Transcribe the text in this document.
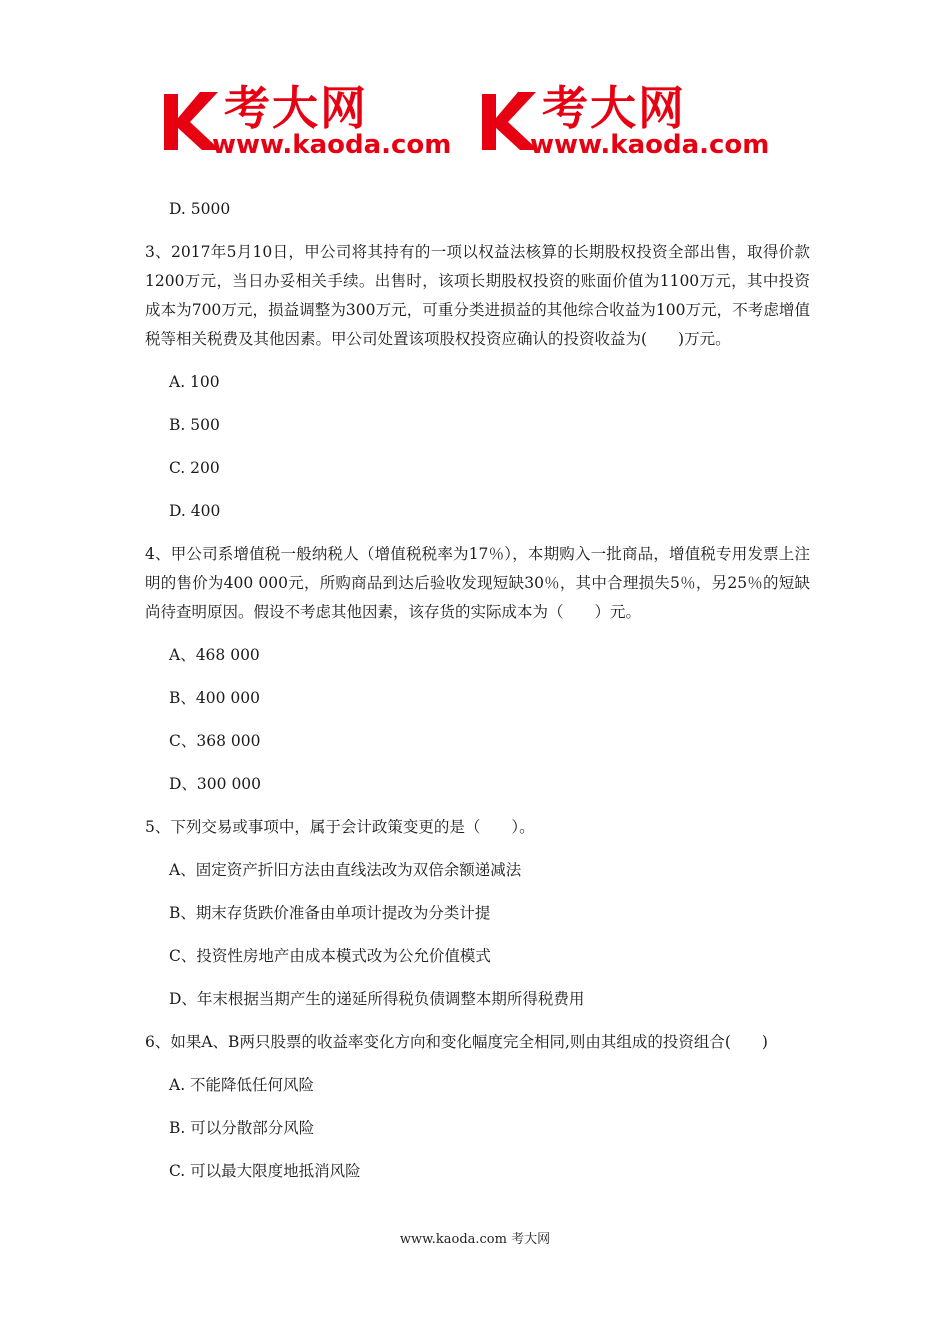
考大网
www.kaoda.com
考大网
www.kaoda.com

D. 5000

3、2017年5月10日，甲公司将其持有的一项以权益法核算的长期股权投资全部出售，取得价款1200万元，当日办妥相关手续。出售时，该项长期股权投资的账面价值为1100万元，其中投资成本为700万元，损益调整为300万元，可重分类进损益的其他综合收益为100万元，不考虑增值税等相关税费及其他因素。甲公司处置该项股权投资应确认的投资收益为(　　)万元。

A. 100

B. 500

C. 200

D. 400

4、甲公司系增值税一般纳税人（增值税税率为17％），本期购入一批商品，增值税专用发票上注明的售价为400 000元，所购商品到达后验收发现短缺30％，其中合理损失5％，另25％的短缺尚待查明原因。假设不考虑其他因素，该存货的实际成本为（　　）元。

A、468 000

B、400 000

C、368 000

D、300 000

5、下列交易或事项中，属于会计政策变更的是（　　）。

A、固定资产折旧方法由直线法改为双倍余额递减法

B、期末存货跌价准备由单项计提改为分类计提

C、投资性房地产由成本模式改为公允价值模式

D、年末根据当期产生的递延所得税负债调整本期所得税费用

6、如果A、B两只股票的收益率变化方向和变化幅度完全相同,则由其组成的投资组合(　　)

A. 不能降低任何风险

B. 可以分散部分风险

C. 可以最大限度地抵消风险

www.kaoda.com 考大网
